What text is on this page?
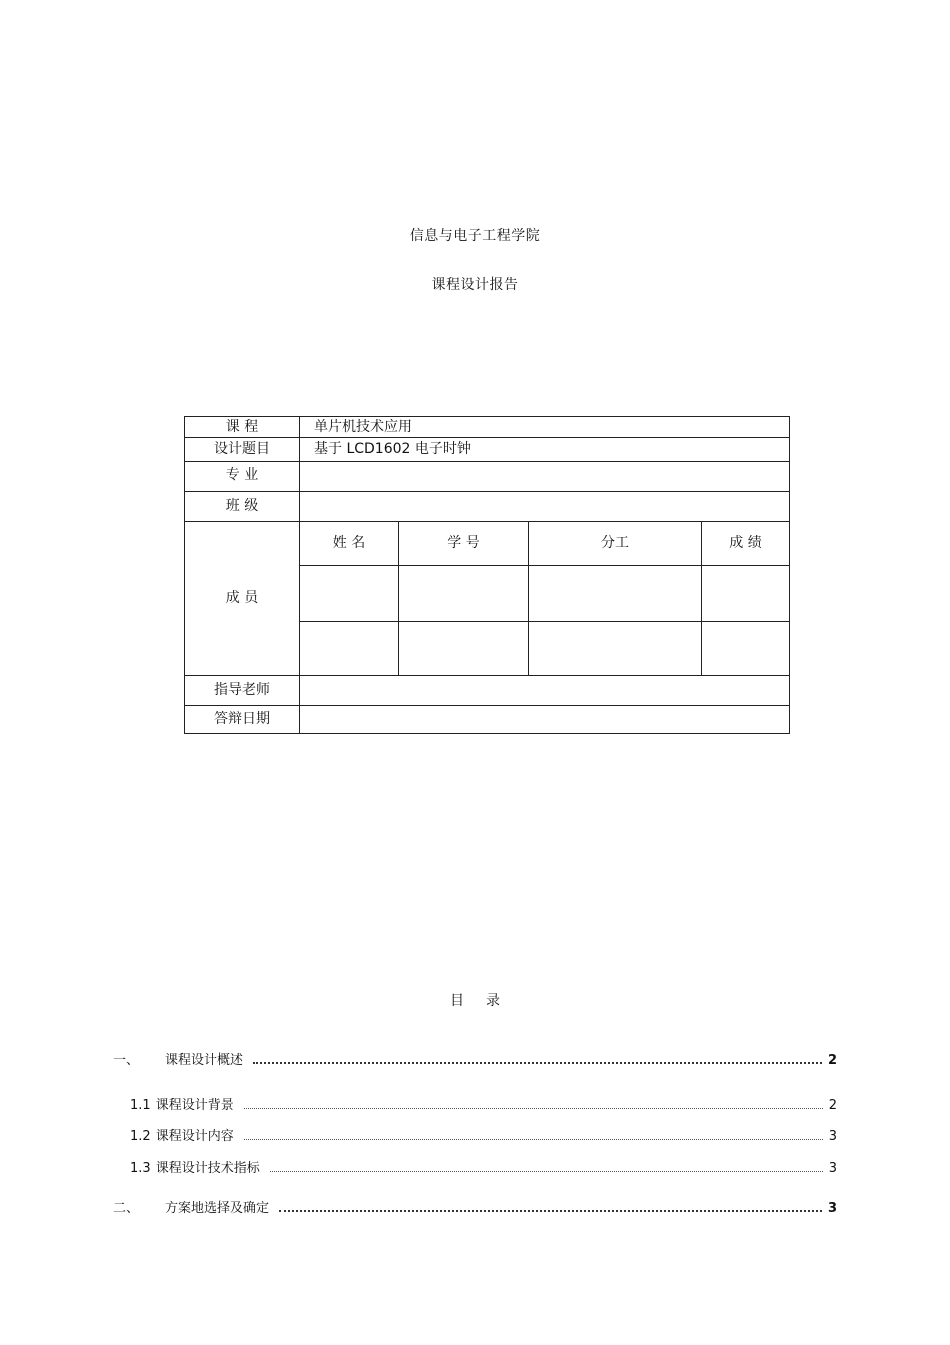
信息与电子工程学院
课程设计报告
课 程	单片机技术应用
设计题目	基于 LCD1602 电子时钟
专 业
班 级
成 员
姓 名	学 号	分工	成 绩
指导老师
答辩日期
目录
一、	课程设计概述	2
1.1 课程设计背景	2
1.2 课程设计内容	3
1.3 课程设计技术指标	3
二、	方案地选择及确定	3
